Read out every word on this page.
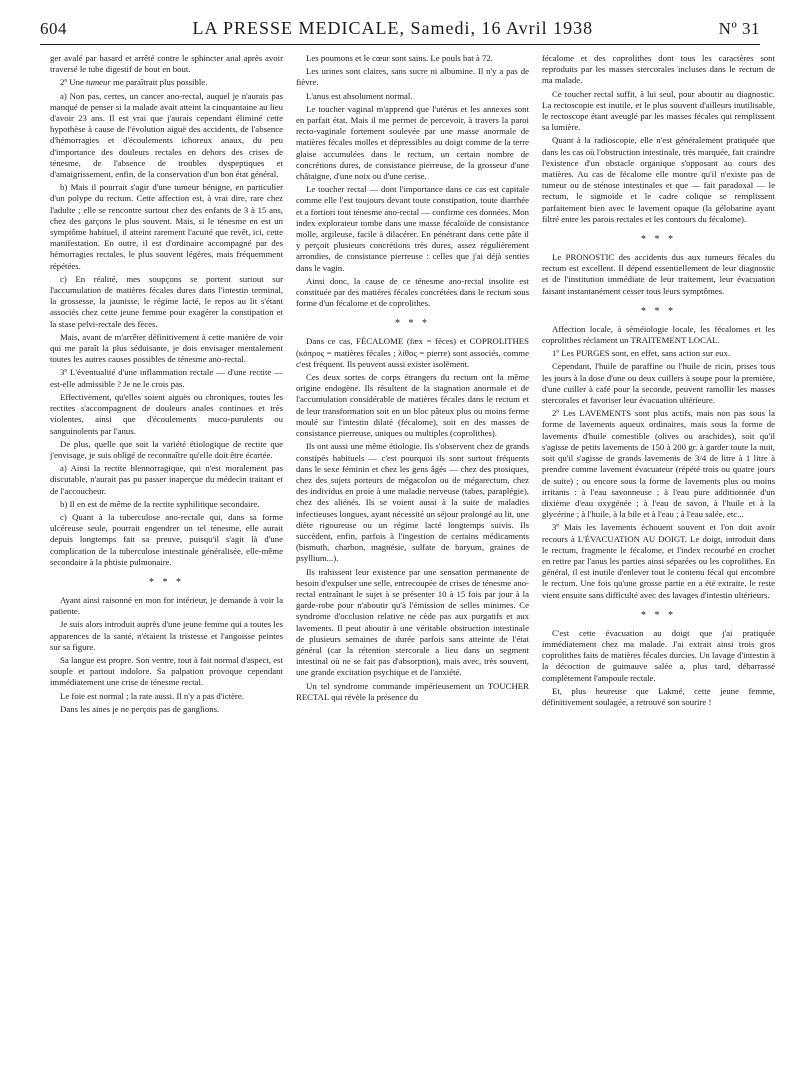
604	LA PRESSE MEDICALE, Samedi, 16 Avril 1938	Nº 31

ger avalé par hasard et arrêté contre le sphincter anal après avoir traversé le tube digestif de bout en bout.

2º Une tumeur me paraîtrait plus possible.

a) Non pas, certes, un cancer ano-rectal, auquel je n'aurais pas manqué de penser si la malade avait atteint la cinquantaine au lieu d'avoir 23 ans. Il est vrai que j'aurais cependant éliminé cette hypothèse à cause de l'évolution aiguë des accidents, de l'absence d'hémorragies et d'écoulements ichoreux anaux, du peu d'importance des douleurs rectales en dehors des crises de ténesme, de l'absence de troubles dyspeptiques et d'amaigrissement, enfin, de la conservation d'un bon état général.

b) Mais il pourrait s'agir d'une tumeur bénigne, en particulier d'un polype du rectum. Cette affection est, à vrai dire, rare chez l'adulte ; elle se rencontre surtout chez des enfants de 3 à 15 ans, chez des garçons le plus souvent. Mais, si le ténesme en est un symptôme habituel, il atteint rarement l'acuité que revêt, ici, cette manifestation. En outre, il est d'ordinaire accompagné par des hémorragies rectales, le plus souvent légères, mais fréquemment répétées.

c) En réalité, mes soupçons se portent surtout sur l'accumulation de matières fécales dures dans l'intestin terminal, la grossesse, la jaunisse, le régime lacté, le repos au lit s'étant associés chez cette jeune femme pour exagérer la constipation et la stase pelvi-rectale des fèces.

Mais, avant de m'arrêter définitivement à cette manière de voir qui me paraît la plus séduisante, je dois envisager mentalement toutes les autres causes possibles de ténesme ano-rectal.

3º L'éventualité d'une inflammation rectale — d'une rectite — est-elle admissible ? Je ne le crois pas.

Effectivement, qu'elles soient aiguës ou chroniques, toutes les rectites s'accompagnent de douleurs anales continues et très violentes, ainsi que d'écoulements muco-purulents ou sanguinolents par l'anus.

De plus, quelle que soit la variété étiologique de rectite que j'envisage, je suis obligé de reconnaître qu'elle doit être écartée.

a) Ainsi la rectite blennorragique, qui n'est moralement pas discutable, n'aurait pas pu passer inaperçue du médecin traitant et de l'accoucheur.

b) Il en est de même de la rectite syphilitique secondaire.

c) Quant à la tuberculose ano-rectale qui, dans sa forme ulcéreuse seule, pourrait engendrer un tel ténesme, elle aurait depuis longtemps fait sa preuve, puisqu'il s'agit là d'une complication de la tuberculose intestinale généralisée, elle-même secondaire à la phtisie pulmonaire.

* * *

Ayant ainsi raisonné en mon for intérieur, je demande à voir la patiente.

Je suis alors introduit auprès d'une jeune femme qui a toutes les apparences de la santé, n'étaient la tristesse et l'angoisse peintes sur sa figure.

Sa langue est propre. Son ventre, tout à fait normal d'aspect, est souple et partout indolore. Sa palpation provoque cependant immédiatement une crise de ténesme rectal.

Le foie est normal ; la rate aussi. Il n'y a pas d'ictère.

Dans les aines je ne perçois pas de ganglions.

Les poumons et le cœur sont sains. Le pouls bat à 72.

Les urines sont claires, sans sucre ni albumine. Il n'y a pas de fièvre.

L'anus est absolument normal.

Le toucher vaginal m'apprend que l'utérus et les annexes sont en parfait état. Mais il me permet de percevoir, à travers la paroi recto-vaginale fortement soulevée par une masse anormale de matières fécales molles et dépressibles au doigt comme de la terre glaise accumulées dans le rectum, un certain nombre de concrétions dures, de consistance pierreuse, de la grosseur d'une châtaigne, d'une noix ou d'une cerise.

Le toucher rectal — dont l'importance dans ce cas est capitale comme elle l'est toujours devant toute constipation, toute diarrhée et a fortiori tout ténesme ano-rectal — confirme ces données. Mon index explorateur tombe dans une masse fécaloïde de consistance molle, argileuse, facile à dilacérer. En pénétrant dans cette pâte il y perçoit plusieurs concrétions très dures, assez régulièrement arrondies, de consistance pierreuse : celles que j'ai déjà senties dans le vagin.

Ainsi donc, la cause de ce ténesme ano-rectal insolite est constituée par des matières fécales concrétées dans le rectum sous forme d'un fécalome et de coprolithes.

* * *

Dans ce cas, FÉCALOME (fæx = fèces) et COPROLITHES (κόπρος = matières fécales ; λίθος = pierre) sont associés, comme c'est fréquent. Ils peuvent aussi exister isolément.

Ces deux sortes de corps étrangers du rectum ont la même origine endogène. Ils résultent de la stagnation anormale et de l'accumulation considérable de matières fécales dans le rectum et de leur transformation soit en un bloc pâteux plus ou moins ferme moulé sur l'intestin dilaté (fécalome), soit en des masses de consistance pierreuse, uniques ou multiples (coprolithes).

Ils ont aussi une même étiologie. Ils s'observent chez de grands constipés habituels — c'est pourquoi ils sont surtout fréquents dans le sexe féminin et chez les gens âgés — chez des ptosiques, chez des sujets porteurs de mégacolon ou de mégarectum, chez des individus en proie à une maladie nerveuse (tabes, paraplégie), chez des aliénés. Ils se voient aussi à la suite de maladies infectieuses longues, ayant nécessité un séjour prolongé au lit, une diète rigoureuse ou un régime lacté longtemps suivis. Ils succèdent, enfin, parfois à l'ingestion de certains médicaments (bismuth, charbon, magnésie, sulfate de baryum, graines de psyllium...).

Ils trahissent leur existence par une sensation permanente de besoin d'expulser une selle, entrecoupée de crises de ténesme ano-rectal entraînant le sujet à se présenter 10 à 15 fois par jour à la garde-robe pour n'aboutir qu'à l'émission de selles minimes. Ce syndrome d'occlusion relative ne cède pas aux purgatifs et aux lavements. Il peut aboutir à une véritable obstruction intestinale de plusieurs semaines de durée parfois sans atteinte de l'état général (car la rétention stercorale a lieu dans un segment intestinal où ne se fait pas d'absorption), mais avec, très souvent, une grande excitation psychique et de l'anxiété.

Un tel syndrome commande impérieusement un TOUCHER RECTAL qui révèle la présence du

fécalome et des coprolithes dont tous les caractères sont reproduits par les masses stercorales incluses dans le rectum de ma malade.

Ce toucher rectal suffit, à lui seul, pour aboutir au diagnostic. La rectoscopie est inutile, et le plus souvent d'ailleurs inutilisable, le rectoscope étant aveuglé par les masses fécales qui remplissent sa lumière.

Quant à la radioscopie, elle n'est généralement pratiquée que dans les cas où l'obstruction intestinale, très marquée, fait craindre l'existence d'un obstacle organique s'opposant au cours des matières. Au cas de fécalome elle montre qu'il n'existe pas de tumeur ou de sténose intestinales et que — fait paradoxal — le rectum, le sigmoïde et le cadre colique se remplissent parfaitement bien avec le lavement opaque (la gélobarine ayant filtré entre les parois rectales et les contours du fécalome).

* * *

Le PRONOSTIC des accidents dus aux tumeurs fécales du rectum est excellent. Il dépend essentiellement de leur diagnostic et de l'institution immédiate de leur traitement, leur évacuation faisant instantanément cesser tous leurs symptômes.

* * *

Affection locale, à séméiologie locale, les fécalomes et les coprolithes réclament un TRAITEMENT LOCAL.

1º Les PURGES sont, en effet, sans action sur eux.

Cependant, l'huile de paraffine ou l'huile de ricin, prises tous les jours à la dose d'une ou deux cuillers à soupe pour la première, d'une cuiller à café pour la seconde, peuvent ramollir les masses stercorales et favoriser leur évacuation ultérieure.

2º Les LAVEMENTS sont plus actifs, mais non pas sous la forme de lavements aqueux ordinaires, mais sous la forme de lavements d'huile comestible (olives ou arachides), soit qu'il s'agisse de petits lavements de 150 à 200 gr. à garder toute la nuit, soit qu'il s'agisse de grands lavements de 3/4 de litre à 1 litre à prendre comme lavement évacuateur (répété trois ou quatre jours de suite) ; ou encore sous la forme de lavements plus ou moins irritants : à l'eau savonneuse ; à l'eau pure additionnée d'un dixième d'eau oxygénée ; à l'eau de savon, à l'huile et à la glycérine ; à l'huile, à la bile et à l'eau ; à l'eau salée, etc...

3º Mais les lavements échouent souvent et l'on doit avoir recours à L'ÉVACUATION AU DOIGT. Le doigt, introduit dans le rectum, fragmente le fécalome, et l'index recourbé en crochet en retire par l'anus les parties ainsi séparées ou les coprolithes. En général, il est inutile d'enlever tout le contenu fécal qui encombre le rectum. Une fois qu'une grosse partie en a été extraite, le reste vient ensuite sans difficulté avec des lavages d'intestin ultérieurs.

* * *

C'est cette évacuation au doigt que j'ai pratiquée immédiatement chez ma malade. J'ai extrait ainsi trois gros coprolithes faits de matières fécales durcies. Un lavage d'intestin à la décoction de guimauve salée a, plus tard, débarrassé complètement l'ampoule rectale.

Et, plus heureuse que Lakmé, cette jeune femme, définitivement soulagée, a retrouvé son sourire !
